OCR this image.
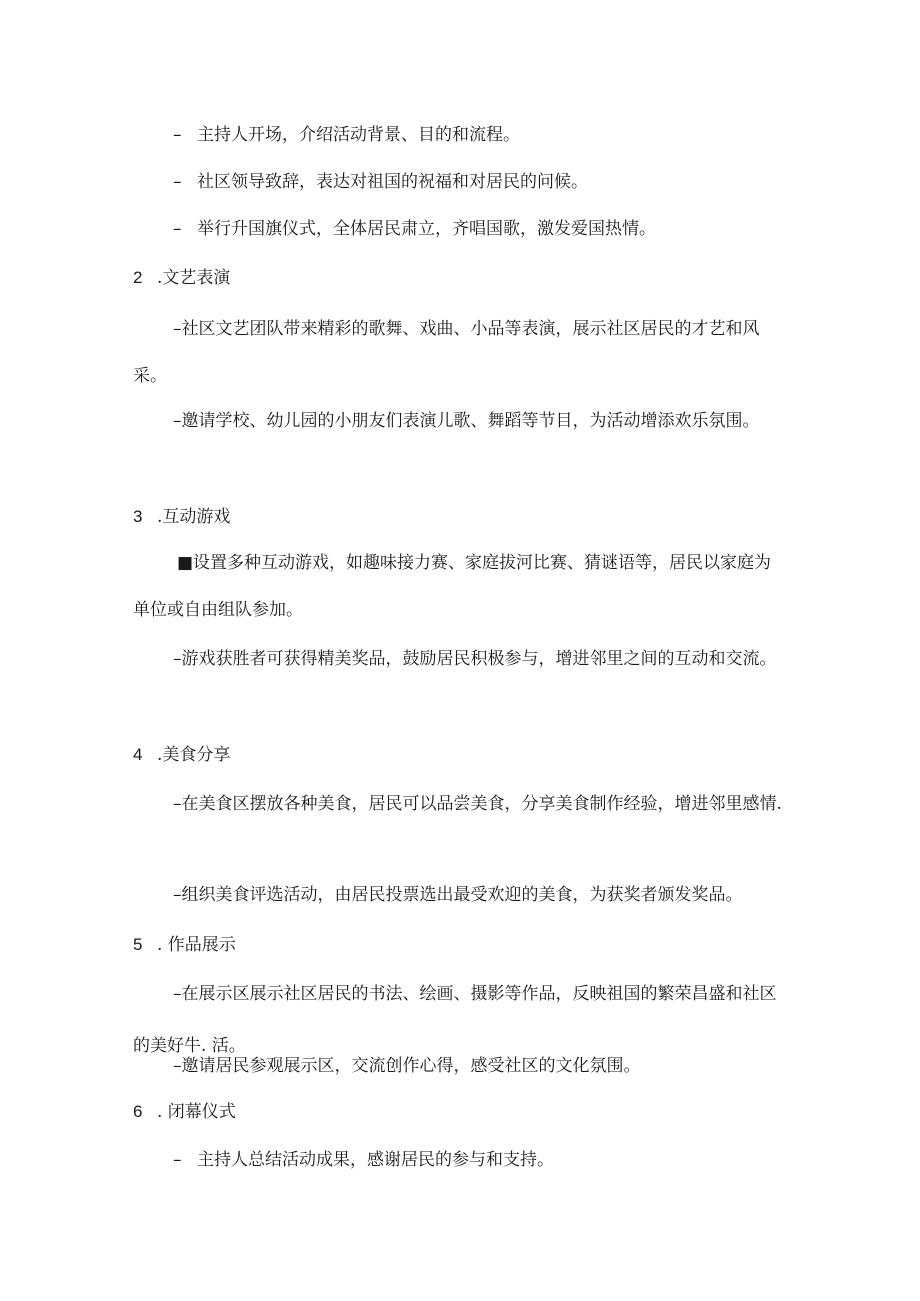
– 主持人开场，介绍活动背景、目的和流程。
– 社区领导致辞，表达对祖国的祝福和对居民的问候。
– 举行升国旗仪式，全体居民肃立，齐唱国歌，激发爱国热情。
2 .文艺表演

–社区文艺团队带来精彩的歌舞、戏曲、小品等表演，展示社区居民的才艺和风采。

–邀请学校、幼儿园的小朋友们表演儿歌、舞蹈等节目，为活动增添欢乐氛围。

3 .互动游戏

■设置多种互动游戏，如趣味接力赛、家庭拔河比赛、猜谜语等，居民以家庭为单位或自由组队参加。

–游戏获胜者可获得精美奖品，鼓励居民积极参与，增进邻里之间的互动和交流。

4 .美食分享

–在美食区摆放各种美食，居民可以品尝美食，分享美食制作经验，增进邻里感情.

–组织美食评选活动，由居民投票选出最受欢迎的美食，为获奖者颁发奖品。
5 . 作品展示

–在展示区展示社区居民的书法、绘画、摄影等作品，反映祖国的繁荣昌盛和社区的美好牛. 活。

–邀请居民参观展示区，交流创作心得，感受社区的文化氛围。
6 . 闭幕仪式
– 主持人总结活动成果，感谢居民的参与和支持。
